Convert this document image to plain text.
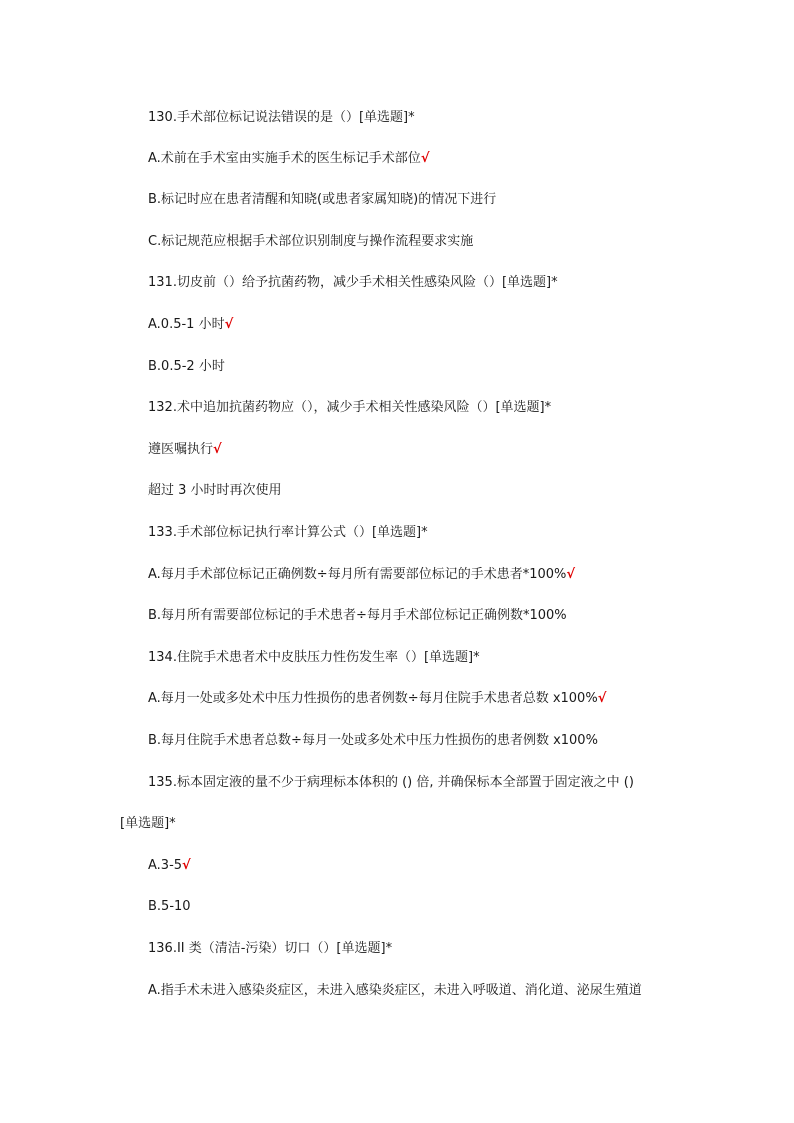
130.手术部位标记说法错误的是（）[单选题]*
A.术前在手术室由实施手术的医生标记手术部位√
B.标记时应在患者清醒和知晓(或患者家属知晓)的情况下进行
C.标记规范应根据手术部位识别制度与操作流程要求实施
131.切皮前（）给予抗菌药物，减少手术相关性感染风险（）[单选题]*
A.0.5-1 小时√
B.0.5-2 小时
132.术中追加抗菌药物应（），减少手术相关性感染风险（）[单选题]*
遵医嘱执行√
超过 3 小时时再次使用
133.手术部位标记执行率计算公式（）[单选题]*
A.每月手术部位标记正确例数÷每月所有需要部位标记的手术患者*100%√
B.每月所有需要部位标记的手术患者÷每月手术部位标记正确例数*100%
134.住院手术患者术中皮肤压力性伤发生率（）[单选题]*
A.每月一处或多处术中压力性损伤的患者例数÷每月住院手术患者总数 x100%√
B.每月住院手术患者总数÷每月一处或多处术中压力性损伤的患者例数 x100%
135.标本固定液的量不少于病理标本体积的 () 倍, 并确保标本全部置于固定液之中 ()
[单选题]*
A.3-5√
B.5-10
136.II 类（清洁-污染）切口（）[单选题]*
A.指手术未进入感染炎症区，未进入感染炎症区，未进入呼吸道、消化道、泌尿生殖道
